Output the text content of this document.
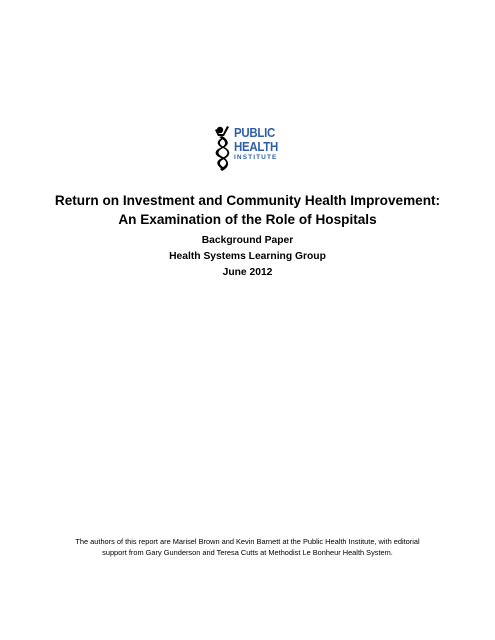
PUBLIC
HEALTH
INSTITUTE
Return on Investment and Community Health Improvement:
An Examination of the Role of Hospitals
Background Paper
Health Systems Learning Group
June 2012
The authors of this report are Marisel Brown and Kevin Barnett at the Public Health Institute, with editorial
support from Gary Gunderson and Teresa Cutts at Methodist Le Bonheur Health System.
